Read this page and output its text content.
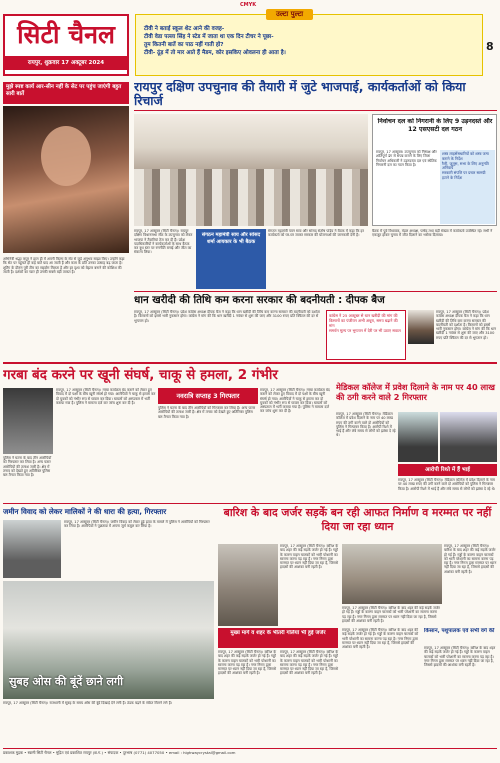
CMYK
सिटी चैनल
रायपुर, शुक्रवार 17 अक्टूबर 2024
उल्टा पुल्टा
टीवी ने बताई स्कूल शेट आने की वजह-
टीवी वेडा पल्ला सिंह ने स्टेड में जाता था एक दिन टीचर ने पूछा-
तुम कितनी बातें का पाठ नहीं गाती हो?
टीवी- ठूंड़ में तो मार आते हैं मैडम, कोर इसकिए ओवलना ही आता है।	8
मुझे स्पष्ट कार्य आर-सीन नहीं के सेट पर पहुंच जाएंगी बहुत सारी बातें
अभिनेत्री श्रद्धा कपूर ने हाल ही में अपनी फिल्म के सेट से जुड़े अनुभव साझा किए। उन्होंने कहा कि सेट पर पहुंचते ही कई बातें याद आ जाती हैं और काम के प्रति उनका उत्साह बढ़ जाता है। शूटिंग के दौरान पूरी टीम का सहयोग मिलता है और हर दृश्य को बेहतर बनाने की कोशिश की जाती है। दर्शकों का प्यार ही उनकी सबसे बड़ी ताकत है।
रायपुर दक्षिण उपचुनाव की तैयारी में जुटे भाजपाई, कार्यकर्ताओं को किया रिचार्ज
निर्वाचन दल को निगरानी के लिए 9 उड़नदस्ते और 12 एसएसटी दल गठन
रायपुर, 17 अक्टूबर। उपचुनाव को निष्पक्ष और शांतिपूर्ण ढंग से संपन्न कराने के लिए जिला निर्वाचन अधिकारी ने उड़नदस्ता दल एवं स्थैतिक निगरानी दल का गठन किया है।
शस्त्र लाइसेंसधारियों को शस्त्र जमा कराने के निर्देश
रैली, जुलूस, सभा के लिए अनुमति अनिवार्य
सरकारी संपत्ति पर प्रचार सामग्री हटाने के निर्देश
रायपुर, 17 अक्टूबर (सिटी चैनल)। रायपुर दक्षिण विधानसभा सीट के उपचुनाव को लेकर भाजपा ने तैयारियां तेज कर दी हैं। प्रदेश पदाधिकारियों ने कार्यकर्ताओं के साथ बैठक कर बूथ स्तर पर रणनीति बनाई और जीत का संकल्प लिया।
संगठन महामंत्री साय और सांसद शर्मा आयकार के भी बैठक
संगठन महामंत्री पवन साय और सांसद संतोष पांडेय ने बैठक में कहा कि हर कार्यकर्ता को घर-घर जाकर सरकार की योजनाओं की जानकारी देनी है।
बैठक में पूर्व विधायक, मंडल अध्यक्ष, पार्षद तथा बड़ी संख्या में कार्यकर्ता उपस्थित रहे। सभी ने एकजुट होकर चुनाव में जीत दिलाने का भरोसा दिलाया।
धान खरीदी की तिथि कम करना सरकार की बदनीयती : दीपक बैज
रायपुर, 17 अक्टूबर (सिटी चैनल)। प्रदेश कांग्रेस अध्यक्ष दीपक बैज ने कहा कि धान खरीदी की तिथि कम करना सरकार की बदनीयती को दर्शाता है। किसानों को इससे भारी नुकसान होगा। कांग्रेस ने मांग की कि धान खरीदी 1 नवंबर से शुरू की जाए और 3100 रुपए प्रति क्विंटल की दर से भुगतान हो।
कांग्रेस ने 25 अक्टूबर से धान खरीदी की मांग की
किसानों का पंजीयन अभी अधूरा, समय बढ़ाने की मांग
समर्थन मूल्य पर भुगतान में देरी पर भी उठाए सवाल
रायपुर, 17 अक्टूबर (सिटी चैनल)। प्रदेश कांग्रेस अध्यक्ष दीपक बैज ने कहा कि धान खरीदी की तिथि कम करना सरकार की बदनीयती को दर्शाता है। किसानों को इससे भारी नुकसान होगा। कांग्रेस ने मांग की कि धान खरीदी 1 नवंबर से शुरू की जाए और 3100 रुपए प्रति क्विंटल की दर से भुगतान हो।
गरबा बंद करने पर खूनी संघर्ष, चाकू से हमला, 2 गंभीर
रायपुर, 17 अक्टूबर (सिटी चैनल)। गरबा कार्यक्रम बंद कराने को लेकर हुए विवाद में दो पक्षों के बीच खूनी संघर्ष हो गया। आरोपियों ने चाकू से हमला कर दो युवकों को गंभीर रूप से घायल कर दिया। घायलों को अस्पताल में भर्ती कराया गया है। पुलिस ने मामला दर्ज कर जांच शुरू कर दी है।
नवरात्रि सप्ताह 3 गिरफ्तार
पुलिस ने घटना के बाद तीन आरोपियों को गिरफ्तार कर लिया है। अन्य फरार आरोपियों की तलाश जारी है। क्षेत्र में तनाव को देखते हुए अतिरिक्त पुलिस बल तैनात किया गया है।
रायपुर, 17 अक्टूबर (सिटी चैनल)। गरबा कार्यक्रम बंद कराने को लेकर हुए विवाद में दो पक्षों के बीच खूनी संघर्ष हो गया। आरोपियों ने चाकू से हमला कर दो युवकों को गंभीर रूप से घायल कर दिया। घायलों को अस्पताल में भर्ती कराया गया है। पुलिस ने मामला दर्ज कर जांच शुरू कर दी है।
पुलिस ने घटना के बाद तीन आरोपियों को गिरफ्तार कर लिया है। अन्य फरार आरोपियों की तलाश जारी है। क्षेत्र में तनाव को देखते हुए अतिरिक्त पुलिस बल तैनात किया गया है।
मेडिकल कॉलेज में प्रवेश दिलाने के नाम पर 40 लाख की ठगी करने वाले 2 गिरफ्तार
रायपुर, 17 अक्टूबर (सिटी चैनल)। मेडिकल कॉलेज में प्रवेश दिलाने के नाम पर 40 लाख रुपए की ठगी करने वाले दो आरोपियों को पुलिस ने गिरफ्तार किया है। आरोपी रिश्ते में भाई हैं और लंबे समय से लोगों को झांसा दे रहे थे।
आरोपी रिश्ते में हैं भाई
रायपुर, 17 अक्टूबर (सिटी चैनल)। मेडिकल कॉलेज में प्रवेश दिलाने के नाम पर 40 लाख रुपए की ठगी करने वाले दो आरोपियों को पुलिस ने गिरफ्तार किया है। आरोपी रिश्ते में भाई हैं और लंबे समय से लोगों को झांसा दे रहे थे।
जमीन विवाद को लेकर मालिकों ने की धारा की हत्या, गिरफ्तार
रायपुर, 17 अक्टूबर (सिटी चैनल)। जमीन विवाद को लेकर हुई हत्या के मामले में पुलिस ने आरोपियों को गिरफ्तार कर लिया है। आरोपियों ने पूछताछ में अपना जुर्म कबूल कर लिया है।
सुबह ओस की बूंदें छाने लगी
रायपुर, 17 अक्टूबर (सिटी चैनल)। राजधानी में सुबह के समय ओस की बूंदें दिखाई देने लगी हैं। ठंडक बढ़ने के संकेत मिलने लगे हैं।
बारिश के बाद जर्जर सड़कें बन रही आफत निर्माण व मरम्मत पर नहीं दिया जा रहा ध्यान
रायपुर, 17 अक्टूबर (सिटी चैनल)। बारिश के बाद शहर की कई सड़कें जर्जर हो गई हैं। गड्ढों के कारण वाहन चालकों को भारी परेशानी का सामना करना पड़ रहा है। नगर निगम द्वारा मरम्मत पर ध्यान नहीं दिया जा रहा है, जिससे हादसों की आशंका बनी रहती है।
रायपुर, 17 अक्टूबर (सिटी चैनल)। बारिश के बाद शहर की कई सड़कें जर्जर हो गई हैं। गड्ढों के कारण वाहन चालकों को भारी परेशानी का सामना करना पड़ रहा है। नगर निगम द्वारा मरम्मत पर ध्यान नहीं दिया जा रहा है, जिससे हादसों की आशंका बनी रहती है।
रायपुर, 17 अक्टूबर (सिटी चैनल)। बारिश के बाद शहर की कई सड़कें जर्जर हो गई हैं। गड्ढों के कारण वाहन चालकों को भारी परेशानी का सामना करना पड़ रहा है। नगर निगम द्वारा मरम्मत पर ध्यान नहीं दिया जा रहा है, जिससे हादसों की आशंका बनी रहती है।
मुख्य मार्ग व शहर के भीतरी गलियां भी हुई जर्जर
रायपुर, 17 अक्टूबर (सिटी चैनल)। बारिश के बाद शहर की कई सड़कें जर्जर हो गई हैं। गड्ढों के कारण वाहन चालकों को भारी परेशानी का सामना करना पड़ रहा है। नगर निगम द्वारा मरम्मत पर ध्यान नहीं दिया जा रहा है, जिससे हादसों की आशंका बनी रहती है।
रायपुर, 17 अक्टूबर (सिटी चैनल)। बारिश के बाद शहर की कई सड़कें जर्जर हो गई हैं। गड्ढों के कारण वाहन चालकों को भारी परेशानी का सामना करना पड़ रहा है। नगर निगम द्वारा मरम्मत पर ध्यान नहीं दिया जा रहा है, जिससे हादसों की आशंका बनी रहती है।
रायपुर, 17 अक्टूबर (सिटी चैनल)। बारिश के बाद शहर की कई सड़कें जर्जर हो गई हैं। गड्ढों के कारण वाहन चालकों को भारी परेशानी का सामना करना पड़ रहा है। नगर निगम द्वारा मरम्मत पर ध्यान नहीं दिया जा रहा है, जिससे हादसों की आशंका बनी रहती है।
किसान, पशुपालक एवं सभी वर्ग की
रायपुर, 17 अक्टूबर (सिटी चैनल)। बारिश के बाद शहर की कई सड़कें जर्जर हो गई हैं। गड्ढों के कारण वाहन चालकों को भारी परेशानी का सामना करना पड़ रहा है। नगर निगम द्वारा मरम्मत पर ध्यान नहीं दिया जा रहा है, जिससे हादसों की आशंका बनी रहती है।
प्रकाशक मुद्रक • स्वामी सिटी चैनल • मुद्रित एवं प्रकाशित रायपुर (छ.ग.) • संपादक • दूरभाष (0771) 4077050 • email : highwaycrystal@gmail.com
